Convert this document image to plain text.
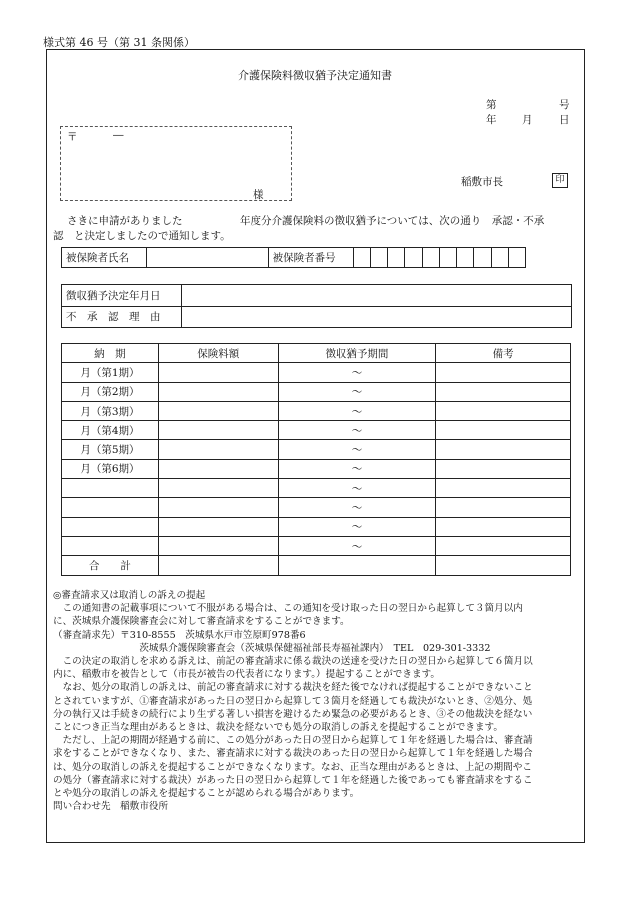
様式第 46 号（第 31 条関係）
介護保険料徴収猶予決定通知書
第	号
年 月	日
〒	―
様
稲敷市長	印
さきに申請がありました	年度分介護保険料の徴収猶予については、次の通り　承認・不承
認　と決定しましたので通知します。
被保険者氏名		被保険者番号										
徴収猶予決定年月日	
不　承　認　理　由	
納　期	保険料額	徴収猶予期間	備考
月（第1期）		～	
月（第2期）		～	
月（第3期）		～	
月（第4期）		～	
月（第5期）		～	
月（第6期）		～	
		～	
		～	
		～	
		～	
合　　計			

◎審査請求又は取消しの訴えの提起

　この通知書の記載事項について不服がある場合は、この通知を受け取った日の翌日から起算して３箇月以内

に、茨城県介護保険審査会に対して審査請求をすることができます。

（審査請求先）〒310-8555　茨城県水戸市笠原町978番6

　　　　　　　　　茨城県介護保険審査会（茨城県保健福祉部長寿福祉課内）　TEL　029-301-3332

　この決定の取消しを求める訴えは、前記の審査請求に係る裁決の送達を受けた日の翌日から起算して６箇月以

内に、稲敷市を被告として（市長が被告の代表者になります。）提起することができます。

　なお、処分の取消しの訴えは、前記の審査請求に対する裁決を経た後でなければ提起することができないこと

とされていますが、①審査請求があった日の翌日から起算して３箇月を経過しても裁決がないとき、②処分、処

分の執行又は手続きの続行により生ずる著しい損害を避けるため緊急の必要があるとき、③その他裁決を経ない

ことにつき正当な理由があるときは、裁決を経ないでも処分の取消しの訴えを提起することができます。

　ただし、上記の期間が経過する前に、この処分があった日の翌日から起算して１年を経過した場合は、審査請

求をすることができなくなり、また、審査請求に対する裁決のあった日の翌日から起算して１年を経過した場合

は、処分の取消しの訴えを提起することができなくなります。なお、正当な理由があるときは、上記の期間やこ

の処分（審査請求に対する裁決）があった日の翌日から起算して１年を経過した後であっても審査請求をするこ

とや処分の取消しの訴えを提起することが認められる場合があります。

問い合わせ先　稲敷市役所
